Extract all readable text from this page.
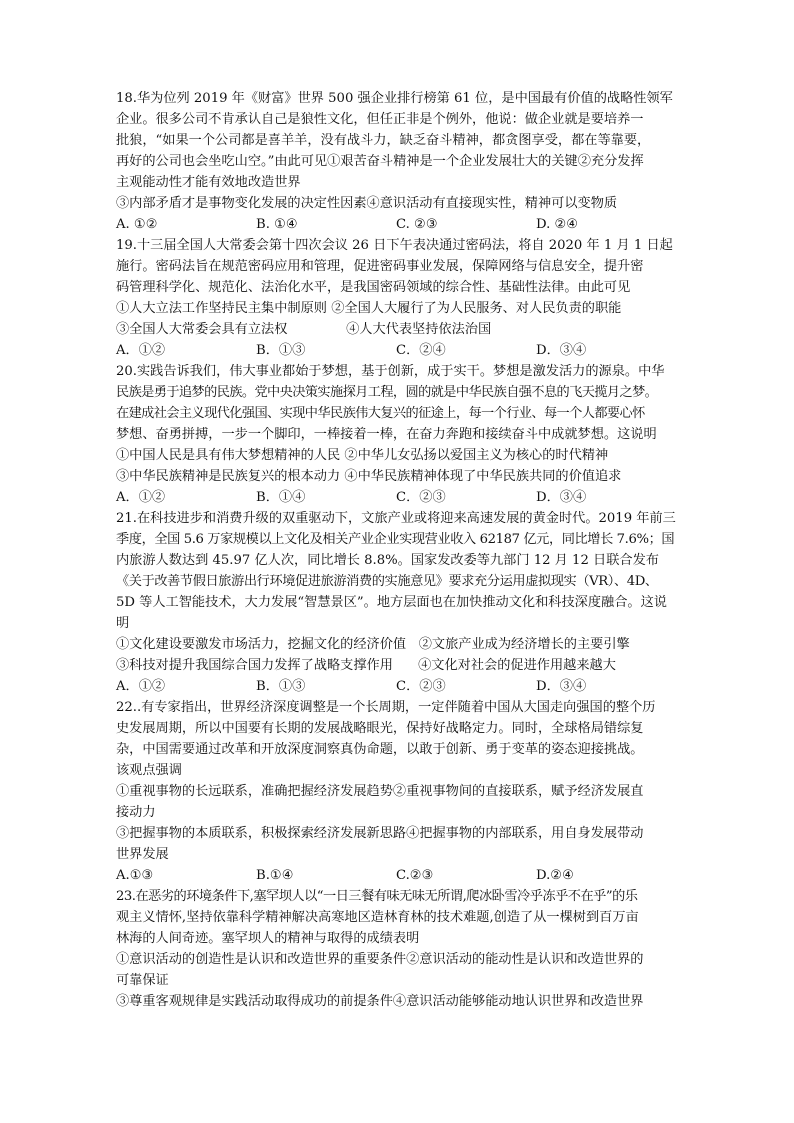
18.华为位列 2019 年《财富》世界 500 强企业排行榜第 61 位，是中国最有价值的战略性领军
企业。很多公司不肯承认自己是狼性文化，但任正非是个例外，他说：做企业就是要培养一
批狼，“如果一个公司都是喜羊羊，没有战斗力，缺乏奋斗精神，都贪图享受，都在等靠要，
再好的公司也会坐吃山空。”由此可见①艰苦奋斗精神是一个企业发展壮大的关键②充分发挥
主观能动性才能有效地改造世界
③内部矛盾才是事物变化发展的决定性因素④意识活动有直接现实性，精神可以变物质
A. ①②	B. ①④	C. ②③	D. ②④
19.十三届全国人大常委会第十四次会议 26 日下午表决通过密码法，将自 2020 年 1 月 1 日起
施行。密码法旨在规范密码应用和管理，促进密码事业发展，保障网络与信息安全，提升密
码管理科学化、规范化、法治化水平，是我国密码领域的综合性、基础性法律。由此可见
①人大立法工作坚持民主集中制原则 ②全国人大履行了为人民服务、对人民负责的职能
③全国人大常委会具有立法权              ④人大代表坚持依法治国
A．①②	B．①③	C．②④	D．③④
20.实践告诉我们，伟大事业都始于梦想，基于创新，成于实干。梦想是激发活力的源泉。中华
民族是勇于追梦的民族。党中央决策实施探月工程，圆的就是中华民族自强不息的飞天揽月之梦。
在建成社会主义现代化强国、实现中华民族伟大复兴的征途上，每一个行业、每一个人都要心怀
梦想、奋勇拼搏，一步一个脚印，一棒接着一棒，在奋力奔跑和接续奋斗中成就梦想。这说明
①中国人民是具有伟大梦想精神的人民 ②中华儿女弘扬以爱国主义为核心的时代精神
③中华民族精神是民族复兴的根本动力 ④中华民族精神体现了中华民族共同的价值追求
A．①②	B．①④	C．②③	D．③④
21.在科技进步和消费升级的双重驱动下，文旅产业或将迎来高速发展的黄金时代。2019 年前三
季度，全国 5.6 万家规模以上文化及相关产业企业实现营业收入 62187 亿元，同比增长 7.6%；国
内旅游人数达到 45.97 亿人次，同比增长 8.8%。国家发改委等九部门 12 月 12 日联合发布
《关于改善节假日旅游出行环境促进旅游消费的实施意见》要求充分运用虚拟现实（VR）、4D、
5D 等人工智能技术，大力发展“智慧景区”。地方层面也在加快推动文化和科技深度融合。这说
明
①文化建设要激发市场活力，挖掘文化的经济价值   ②文旅产业成为经济增长的主要引擎
③科技对提升我国综合国力发挥了战略支撑作用      ④文化对社会的促进作用越来越大
A．①②	B．①③	C．②③	D．③④
22..有专家指出，世界经济深度调整是一个长周期，一定伴随着中国从大国走向强国的整个历
史发展周期，所以中国要有长期的发展战略眼光，保持好战略定力。同时，全球格局错综复
杂，中国需要通过改革和开放深度洞察真伪命题，以敢于创新、勇于变革的姿态迎接挑战。
该观点强调
①重视事物的长远联系，准确把握经济发展趋势②重视事物间的直接联系，赋予经济发展直
接动力
③把握事物的本质联系，积极探索经济发展新思路④把握事物的内部联系，用自身发展带动
世界发展
A.①③	B.①④	C.②③	D.②④
23.在恶劣的环境条件下,塞罕坝人以“一日三餐有味无味无所谓,爬冰卧雪冷乎冻乎不在乎”的乐
观主义情怀,坚持依靠科学精神解决高寒地区造林育林的技术难题,创造了从一棵树到百万亩
林海的人间奇迹。塞罕坝人的精神与取得的成绩表明
①意识活动的创造性是认识和改造世界的重要条件②意识活动的能动性是认识和改造世界的
可靠保证
③尊重客观规律是实践活动取得成功的前提条件④意识活动能够能动地认识世界和改造世界
